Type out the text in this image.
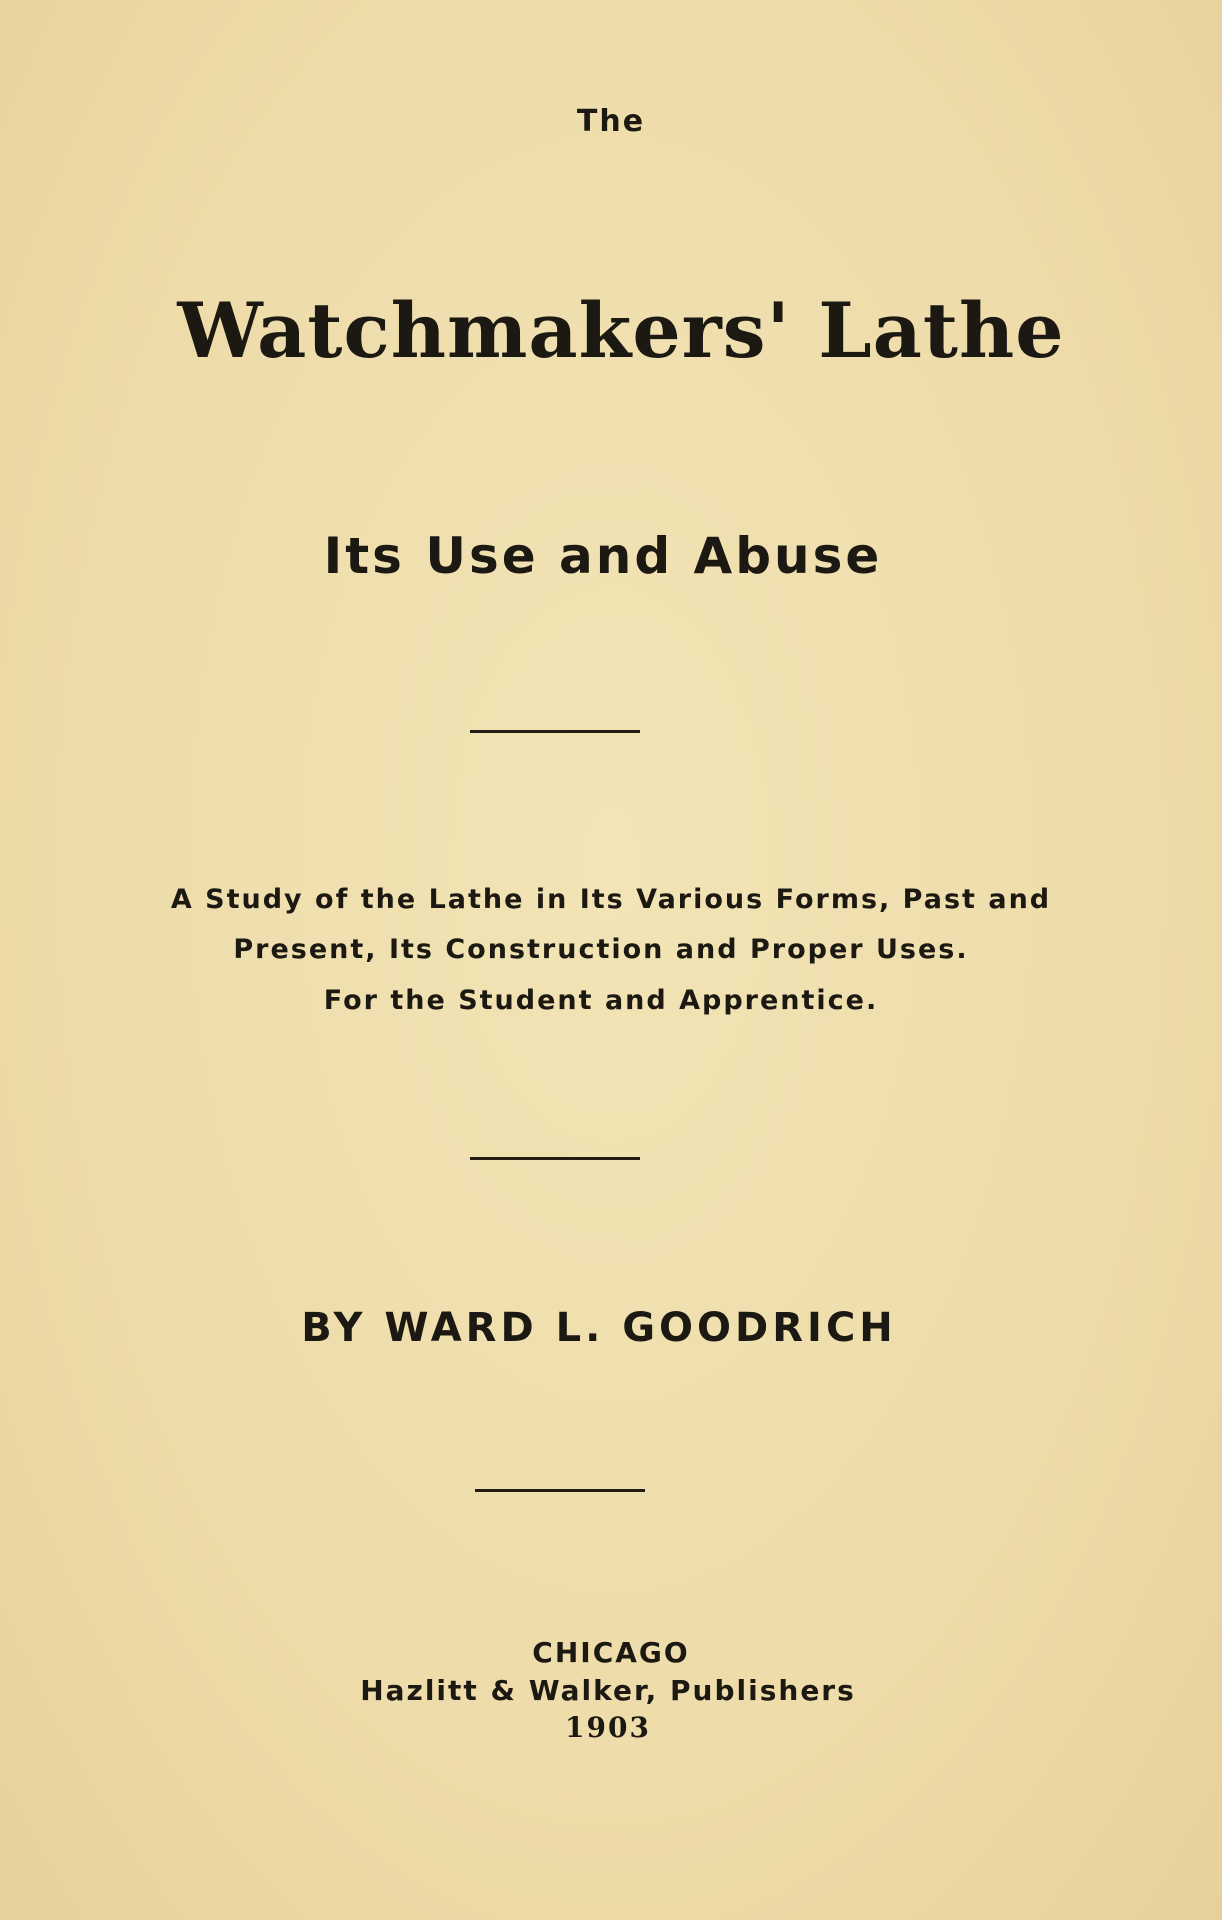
The
Watchmakers' Lathe
Its Use and Abuse
A Study of the Lathe in Its Various Forms, Past and
Present, Its Construction and Proper Uses.
For the Student and Apprentice.
BY WARD L. GOODRICH
CHICAGO
Hazlitt & Walker, Publishers
1903
